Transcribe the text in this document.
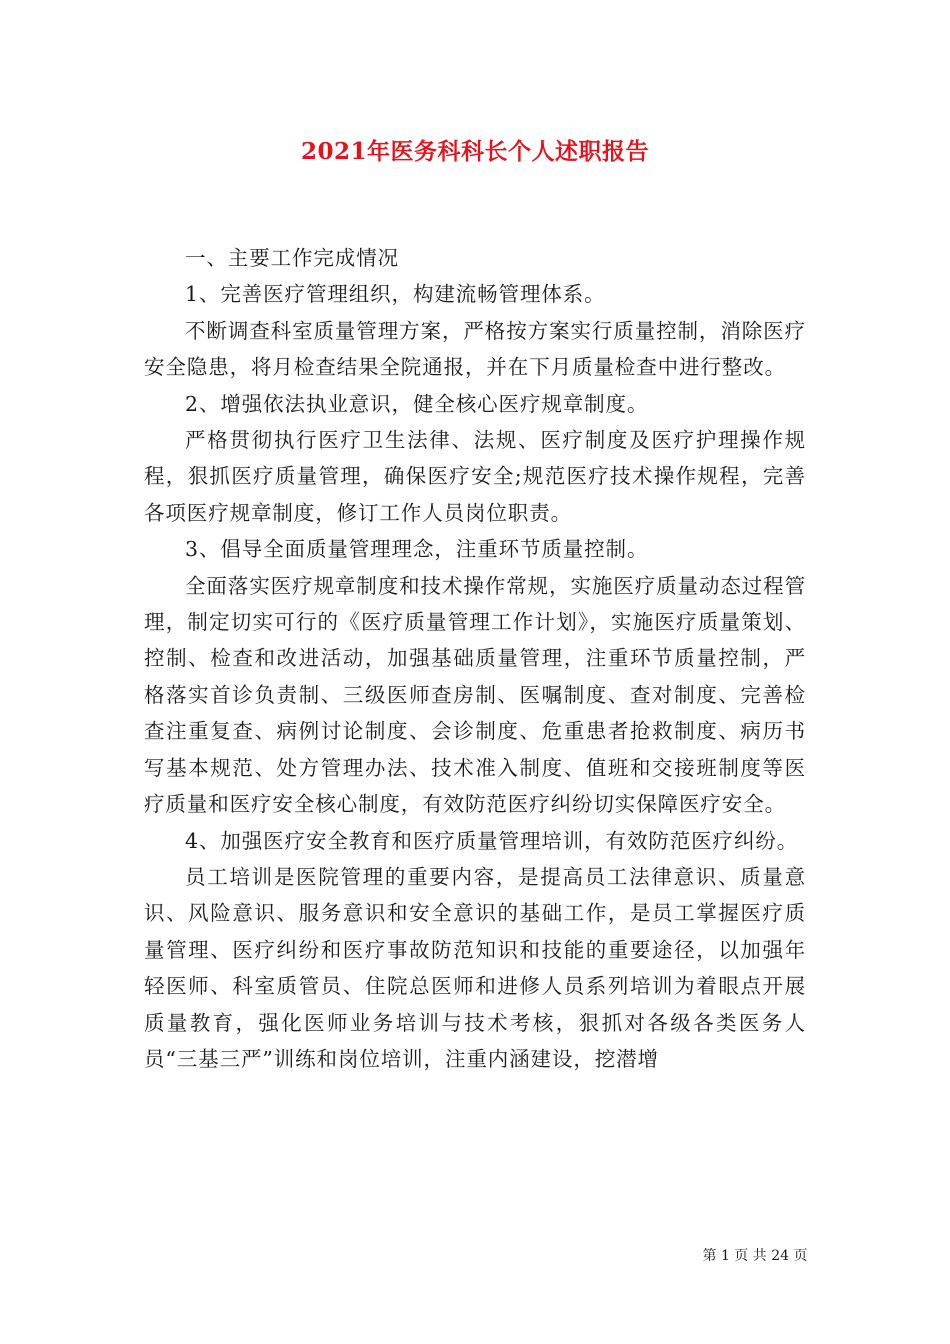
2021年医务科科长个人述职报告

一、主要工作完成情况

1、完善医疗管理组织，构建流畅管理体系。

不断调查科室质量管理方案，严格按方案实行质量控制，消除医疗安全隐患，将月检查结果全院通报，并在下月质量检查中进行整改。

2、增强依法执业意识，健全核心医疗规章制度。

严格贯彻执行医疗卫生法律、法规、医疗制度及医疗护理操作规程，狠抓医疗质量管理，确保医疗安全;规范医疗技术操作规程，完善各项医疗规章制度，修订工作人员岗位职责。

3、倡导全面质量管理理念，注重环节质量控制。

全面落实医疗规章制度和技术操作常规，实施医疗质量动态过程管理，制定切实可行的《医疗质量管理工作计划》，实施医疗质量策划、控制、检查和改进活动，加强基础质量管理，注重环节质量控制，严格落实首诊负责制、三级医师查房制、医嘱制度、查对制度、完善检查注重复查、病例讨论制度、会诊制度、危重患者抢救制度、病历书写基本规范、处方管理办法、技术准入制度、值班和交接班制度等医疗质量和医疗安全核心制度，有效防范医疗纠纷切实保障医疗安全。

4、加强医疗安全教育和医疗质量管理培训，有效防范医疗纠纷。

员工培训是医院管理的重要内容，是提高员工法律意识、质量意识、风险意识、服务意识和安全意识的基础工作，是员工掌握医疗质量管理、医疗纠纷和医疗事故防范知识和技能的重要途径，以加强年轻医师、科室质管员、住院总医师和进修人员系列培训为着眼点开展质量教育，强化医师业务培训与技术考核，狠抓对各级各类医务人员“三基三严”训练和岗位培训，注重内涵建设，挖潜增

第 1 页 共 24 页
